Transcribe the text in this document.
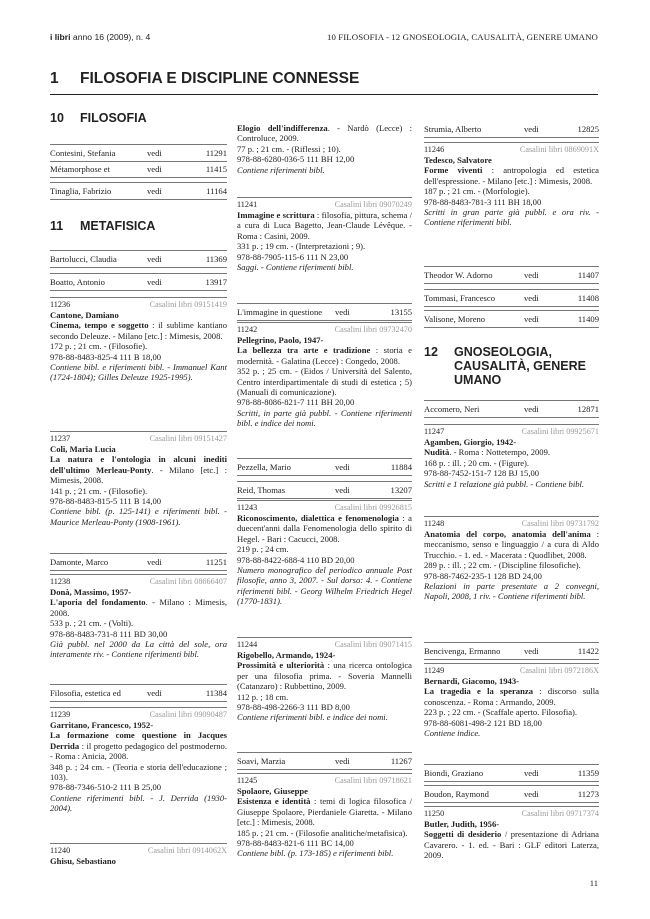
i libri anno 16 (2009), n. 4	10 FILOSOFIA - 12 GNOSEOLOGIA, CAUSALITÀ, GENERE UMANO
1 FILOSOFIA E DISCIPLINE CONNESSE
10 FILOSOFIA
Contesini, Stefania	vedi	11291
Métamorphose et	vedi	11415
Tinaglia, Fabrizio	vedi	11164
11 METAFISICA
Bartolucci, Claudia	vedi	11369
Boatto, Antonio	vedi	13917
11236	Casalini libri 09151419
Cantone, Damiano
Cinema, tempo e soggetto : il sublime kantiano secondo Deleuze. - Milano [etc.] : Mimesis, 2008.
172 p. ; 21 cm. - (Filosofie).
978-88-8483-825-4 111 B 18,00
Contiene bibl. e riferimenti bibl. - Immanuel Kant (1724-1804); Gilles Deleuze 1925-1995).
11237	Casalini libri 09151427
Coli, Maria Lucia
La natura e l'ontologia in alcuni inediti dell'ultimo Merleau-Ponty. - Milano [etc.] : Mimesis, 2008.
141 p. ; 21 cm. - (Filosofie).
978-88-8483-815-5 111 B 14,00
Contiene bibl. (p. 125-141) e riferimenti bibl. - Maurice Merleau-Ponty (1908-1961).
Damonte, Marco	vedi	11251
11238	Casalini libri 08666407
Donà, Massimo, 1957-
L'aporia del fondamento. - Milano : Mimesis, 2008.
533 p. ; 21 cm. - (Volti).
978-88-8483-731-8 111 BD 30,00
Già pubbl. nel 2000 da La città del sole, ora interamente riv. - Contiene riferimenti bibl.
Filosofia, estetica ed	vedi	11384
11239	Casalini libri 09090487
Garritano, Francesco, 1952-
La formazione come questione in Jacques Derrida : il progetto pedagogico del postmoderno. - Roma : Anicia, 2008.
348 p. ; 24 cm. - (Teoria e storia dell'educazione ; 103).
978-88-7346-510-2 111 B 25,00
Contiene riferimenti bibl. - J. Derrida (1930-2004).
11240	Casalini libri 0914062X
Ghisu, Sebastiano
Elogio dell'indifferenza. - Nardò (Lecce) : Controluce, 2009.
77 p. ; 21 cm. - (Riflessi ; 10).
978-88-6280-036-5 111 BH 12,00
Contiene riferimenti bibl.
11241	Casalini libri 09070249
Immagine e scrittura : filosofia, pittura, schema / a cura di Luca Bagetto, Jean-Claude Lévêque. - Roma : Casini, 2009.
331 p. ; 19 cm. - (Interpretazioni ; 9).
978-88-7905-115-6 111 N 23,00
Saggi. - Contiene riferimenti bibl.
L'immagine in questione vedi	13155
11242	Casalini libri 09732470
Pellegrino, Paolo, 1947-
La bellezza tra arte e tradizione : storia e modernità. - Galatina (Lecce) : Congedo, 2008.
352 p. ; 25 cm. - (Eidos / Università del Salento, Centro interdipartimentale di studi di estetica ; 5) (Manuali di comunicazione).
978-88-8086-821-7 111 BH 20,00
Scritti, in parte già pubbl. - Contiene riferimenti bibl. e indice dei nomi.
Pezzella, Mario	vedi	11884
Reid, Thomas	vedi	13207
11243	Casalini libri 09926815
Riconoscimento, dialettica e fenomenologia : a duecent'anni dalla Fenomenologia dello spirito di Hegel. - Bari : Cacucci, 2008.
219 p. ; 24 cm.
978-88-8422-688-4 110 BD 20,00
Numero monografico del periodico annuale Post filosofie, anno 3, 2007. - Sul dorso: 4. - Contiene riferimenti bibl. - Georg Wilhelm Friedrich Hegel (1770-1831).
11244	Casalini libri 09071415
Rigobello, Armando, 1924-
Prossimità e ulteriorità : una ricerca ontologica per una filosofia prima. - Soveria Mannelli (Catanzaro) : Rubbettino, 2009.
112 p. ; 18 cm.
978-88-498-2266-3 111 BD 8,00
Contiene riferimenti bibl. e indice dei nomi.
Soavi, Marzia	vedi	11267
11245	Casalini libri 09718621
Spolaore, Giuseppe
Esistenza e identità : temi di logica filosofica / Giuseppe Spolaore, Pierdaniele Giaretta. - Milano [etc.] : Mimesis, 2008.
185 p. ; 21 cm. - (Filosofie analitiche/metafisica).
978-88-8483-821-6 111 BC 14,00
Contiene bibl. (p. 173-185) e riferimenti bibl.
Strumia, Alberto	vedi	12825
11246	Casalini libri 0869091X
Tedesco, Salvatore
Forme viventi : antropologia ed estetica dell'espressione. - Milano [etc.] : Mimesis, 2008.
187 p. ; 21 cm. - (Morfologie).
978-88-8483-781-3 111 BH 18,00
Scritti in gran parte già pubbl. e ora riv. - Contiene riferimenti bibl.
Theodor W. Adorno	vedi	11407
Tommasi, Francesco	vedi	11408
Valisone, Moreno	vedi	11409
12 GNOSEOLOGIA, CAUSALITÀ, GENERE UMANO
Accomero, Neri	vedi	12871
11247	Casalini libri 09925671
Agamben, Giorgio, 1942-
Nudità. - Roma : Nottetempo, 2009.
168 p. : ill. ; 20 cm. - (Figure).
978-88-7452-151-7 128 BJ 15,00
Scritti e 1 relazione già pubbl. - Contiene bibl.
11248	Casalini libri 09731792
Anatomia del corpo, anatomia dell'anima : meccanismo, senso e linguaggio / a cura di Aldo Trucchio. - 1. ed. - Macerata : Quodlibet, 2008.
289 p. : ill. ; 22 cm. - (Discipline filosofiche).
978-88-7462-235-1 128 BD 24,00
Relazioni in parte presentate a 2 convegni, Napoli, 2008, 1 riv. - Contiene riferimenti bibl.
Bencivenga, Ermanno	vedi	11422
11249	Casalini libri 0972186X
Bernardi, Giacomo, 1943-
La tragedia e la speranza : discorso sulla conoscenza. - Roma : Armando, 2009.
223 p. ; 22 cm. - (Scaffale aperto. Filosofia).
978-88-6081-498-2 121 BD 18,00
Contiene indice.
Biondi, Graziano	vedi	11359
Boudon, Raymond	vedi	11273
11250	Casalini libri 09717374
Butler, Judith, 1956-
Soggetti di desiderio / presentazione di Adriana Cavarero. - 1. ed. - Bari : GLF editori Laterza, 2009.
11
